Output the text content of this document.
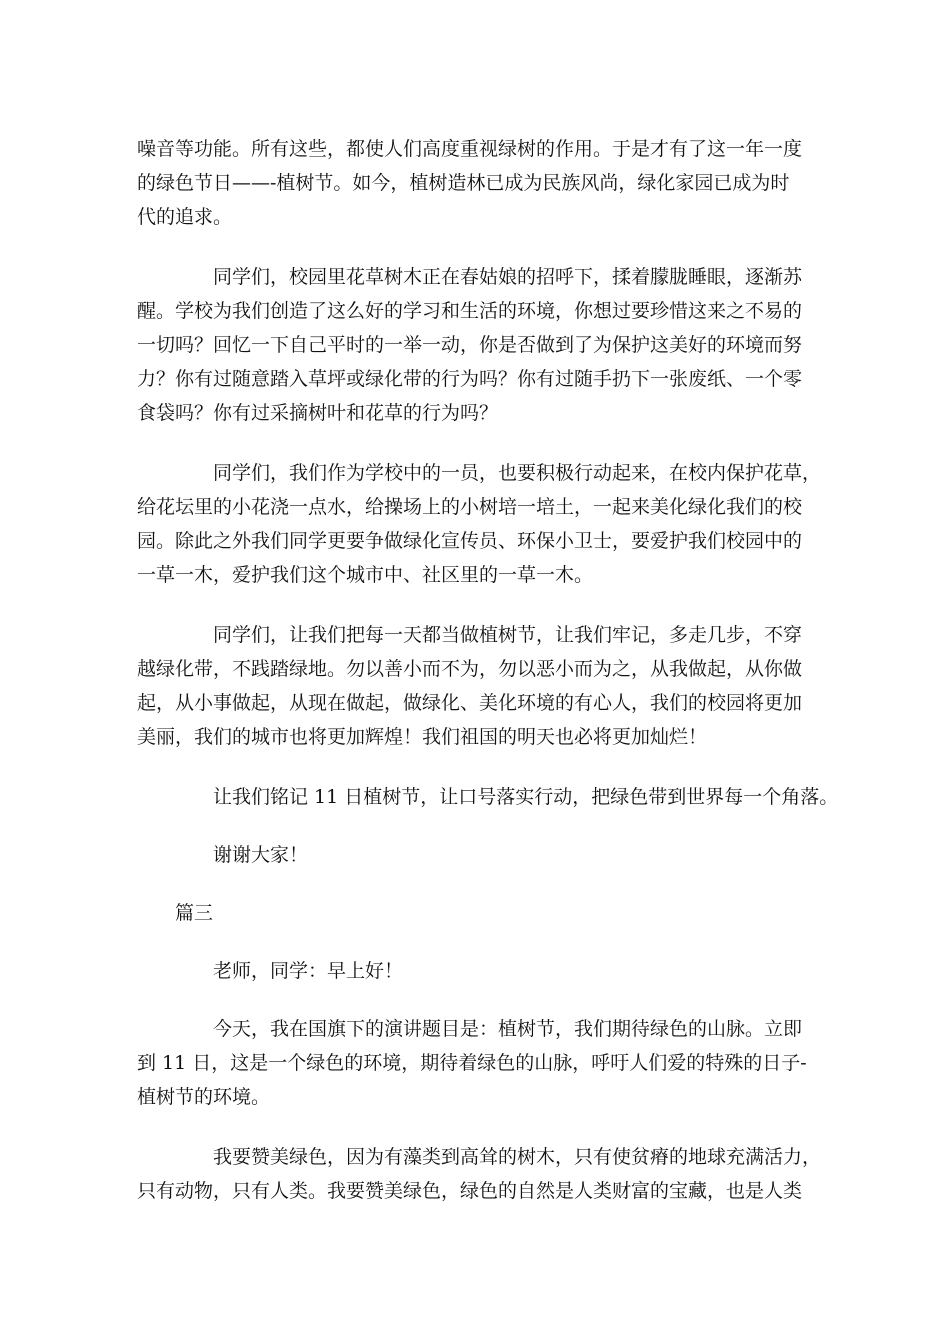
噪音等功能。所有这些，都使人们高度重视绿树的作用。于是才有了这一年一度
的绿色节日——-植树节。如今，植树造林已成为民族风尚，绿化家园已成为时
代的追求。

同学们，校园里花草树木正在春姑娘的招呼下，揉着朦胧睡眼，逐渐苏
醒。学校为我们创造了这么好的学习和生活的环境，你想过要珍惜这来之不易的
一切吗？回忆一下自己平时的一举一动，你是否做到了为保护这美好的环境而努
力？你有过随意踏入草坪或绿化带的行为吗？你有过随手扔下一张废纸、一个零
食袋吗？你有过采摘树叶和花草的行为吗？

同学们，我们作为学校中的一员，也要积极行动起来，在校内保护花草，
给花坛里的小花浇一点水，给操场上的小树培一培土，一起来美化绿化我们的校
园。除此之外我们同学更要争做绿化宣传员、环保小卫士，要爱护我们校园中的
一草一木，爱护我们这个城市中、社区里的一草一木。

同学们，让我们把每一天都当做植树节，让我们牢记，多走几步，不穿
越绿化带，不践踏绿地。勿以善小而不为，勿以恶小而为之，从我做起，从你做
起，从小事做起，从现在做起，做绿化、美化环境的有心人，我们的校园将更加
美丽，我们的城市也将更加辉煌！我们祖国的明天也必将更加灿烂！

让我们铭记 11 日植树节，让口号落实行动，把绿色带到世界每一个角落。

谢谢大家！

篇三

老师，同学：早上好！

今天，我在国旗下的演讲题目是：植树节，我们期待绿色的山脉。立即
到 11 日，这是一个绿色的环境，期待着绿色的山脉，呼吁人们爱的特殊的日子-
植树节的环境。

我要赞美绿色，因为有藻类到高耸的树木，只有使贫瘠的地球充满活力，
只有动物，只有人类。我要赞美绿色，绿色的自然是人类财富的宝藏，也是人类
